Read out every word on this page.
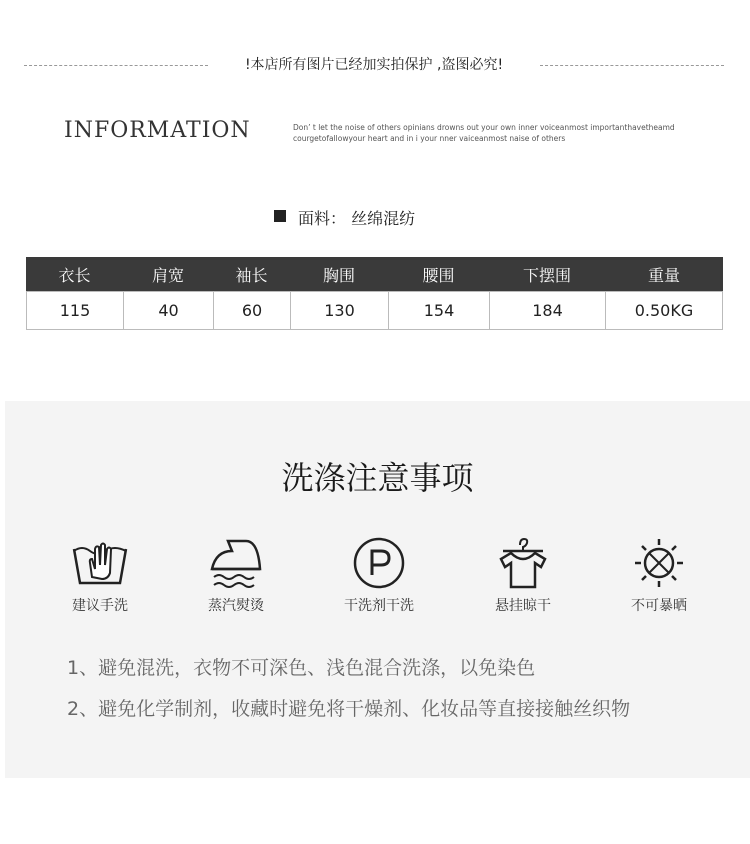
!本店所有图片已经加实拍保护 ,盗图必究!
INFORMATION	Don’ t let the noise of others opinians drowns out your own inner voiceanmost importanthavetheamd
courgetofallowyour heart and in i your nner vaiceanmost naise of others
面料： 丝绵混纺
衣长	肩宽	袖长	胸围	腰围	下摆围	重量
115	40	60	130	154	184	0.50KG
洗涤注意事项
建议手洗	蒸汽熨烫	干洗剂干洗	悬挂晾干	不可暴晒
1、避免混洗，衣物不可深色、浅色混合洗涤，以免染色
2、避免化学制剂，收藏时避免将干燥剂、化妆品等直接接触丝织物
